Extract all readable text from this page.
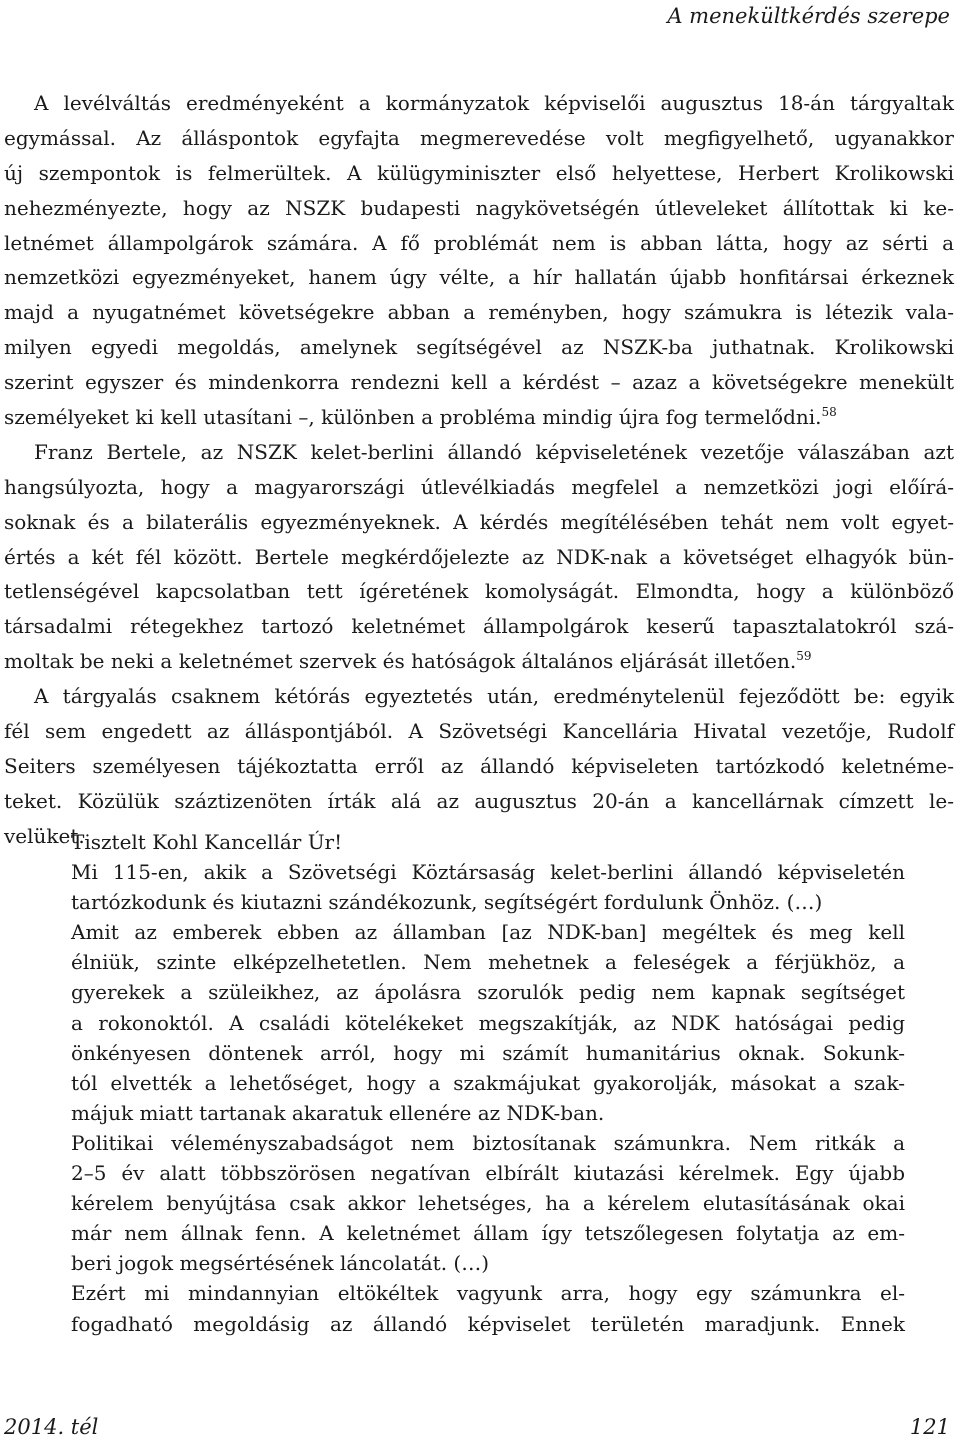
A menekültkérdés szerepe
A levélváltás eredményeként a kormányzatok képviselői augusztus 18-án tárgyaltak
egymással. Az álláspontok egyfajta megmerevedése volt megfigyelhető, ugyanakkor
új szempontok is felmerültek. A külügyminiszter első helyettese, Herbert Krolikowski
nehezményezte, hogy az NSZK budapesti nagykövetségén útleveleket állítottak ki ke-
letnémet állampolgárok számára. A fő problémát nem is abban látta, hogy az sérti a
nemzetközi egyezményeket, hanem úgy vélte, a hír hallatán újabb honfitársai érkeznek
majd a nyugatnémet követségekre abban a reményben, hogy számukra is létezik vala-
milyen egyedi megoldás, amelynek segítségével az NSZK-ba juthatnak. Krolikowski
szerint egyszer és mindenkorra rendezni kell a kérdést – azaz a követségekre menekült
személyeket ki kell utasítani –, különben a probléma mindig újra fog termelődni.$^{58}$
Franz Bertele, az NSZK kelet-berlini állandó képviseletének vezetője válaszában azt
hangsúlyozta, hogy a magyarországi útlevélkiadás megfelel a nemzetközi jogi előírá-
soknak és a bilaterális egyezményeknek. A kérdés megítélésében tehát nem volt egyet-
értés a két fél között. Bertele megkérdőjelezte az NDK-nak a követséget elhagyók bün-
tetlenségével kapcsolatban tett ígéretének komolyságát. Elmondta, hogy a különböző
társadalmi rétegekhez tartozó keletnémet állampolgárok keserű tapasztalatokról szá-
moltak be neki a keletnémet szervek és hatóságok általános eljárását illetően.$^{59}$
A tárgyalás csaknem kétórás egyeztetés után, eredménytelenül fejeződött be: egyik
fél sem engedett az álláspontjából. A Szövetségi Kancellária Hivatal vezetője, Rudolf
Seiters személyesen tájékoztatta erről az állandó képviseleten tartózkodó keletnéme-
teket. Közülük száztizenöten írták alá az augusztus 20-án a kancellárnak címzett le-
velüket.
Tisztelt Kohl Kancellár Úr!
Mi 115-en, akik a Szövetségi Köztársaság kelet-berlini állandó képviseletén
tartózkodunk és kiutazni szándékozunk, segítségért fordulunk Önhöz. (…)
Amit az emberek ebben az államban [az NDK-ban] megéltek és meg kell
élniük, szinte elképzelhetetlen. Nem mehetnek a feleségek a férjükhöz, a
gyerekek a szüleikhez, az ápolásra szorulók pedig nem kapnak segítséget
a rokonoktól. A családi kötelékeket megszakítják, az NDK hatóságai pedig
önkényesen döntenek arról, hogy mi számít humanitárius oknak. Sokunk-
tól elvették a lehetőséget, hogy a szakmájukat gyakorolják, másokat a szak-
májuk miatt tartanak akaratuk ellenére az NDK-ban.
Politikai véleményszabadságot nem biztosítanak számunkra. Nem ritkák a
2–5 év alatt többszörösen negatívan elbírált kiutazási kérelmek. Egy újabb
kérelem benyújtása csak akkor lehetséges, ha a kérelem elutasításának okai
már nem állnak fenn. A keletnémet állam így tetszőlegesen folytatja az em-
beri jogok megsértésének láncolatát. (…)
Ezért mi mindannyian eltökéltek vagyunk arra, hogy egy számunkra el-
fogadható megoldásig az állandó képviselet területén maradjunk. Ennek
2014. tél	121
